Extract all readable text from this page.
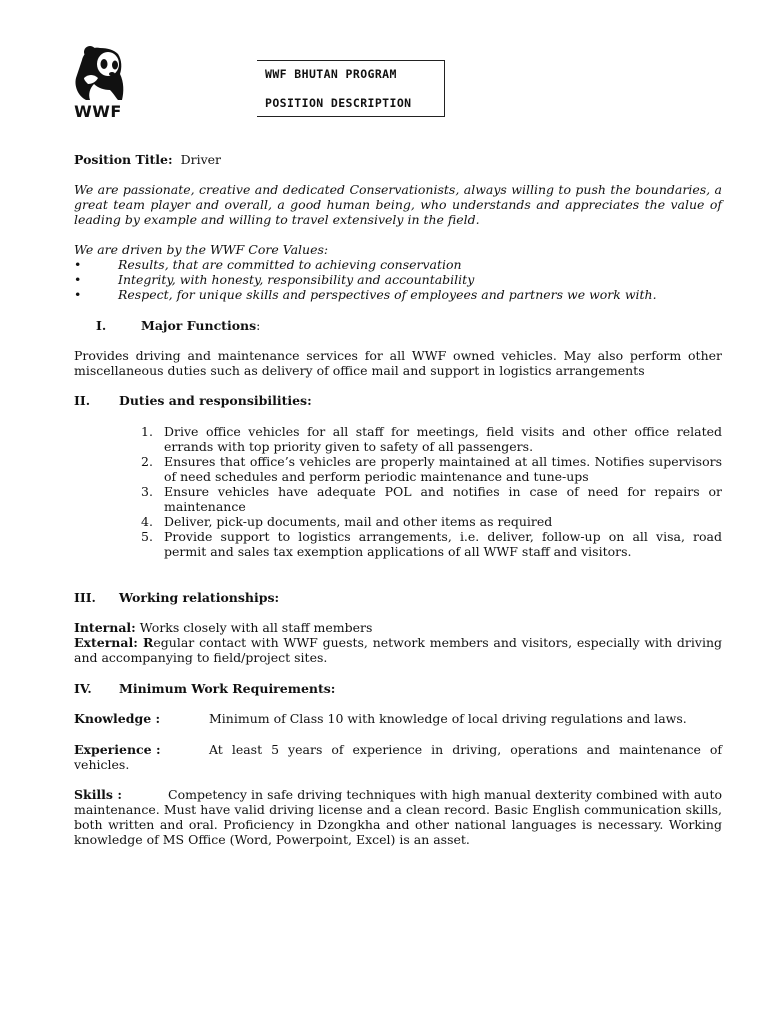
WWF
WWF BHUTAN PROGRAM
POSITION DESCRIPTION
Position Title: Driver

We are passionate, creative and dedicated Conservationists, always willing to push the boundaries, a great team player and overall, a good human being, who understands and appreciates the value of leading by example and willing to travel extensively in the field.

We are driven by the WWF Core Values:

•	Results, that are committed to achieving conservation
•	Integrity, with honesty, responsibility and accountability
•	Respect, for unique skills and perspectives of employees and partners we work with.
I.	Major Functions:

Provides driving and maintenance services for all WWF owned vehicles. May also perform other miscellaneous duties such as delivery of office mail and support in logistics arrangements

II. Duties and responsibilities:
1. Drive office vehicles for all staff for meetings, field visits and other office related errands with top priority given to safety of all passengers.
2. Ensures that office’s vehicles are properly maintained at all times. Notifies supervisors of need schedules and perform periodic maintenance and tune-ups
3. Ensure vehicles have adequate POL and notifies in case of need for repairs or maintenance
4. Deliver, pick-up documents, mail and other items as required
5. Provide support to logistics arrangements, i.e. deliver, follow-up on all visa, road permit and sales tax exemption applications of all WWF staff and visitors.
III. Working relationships:

Internal: Works closely with all staff members

External: Regular contact with WWF guests, network members and visitors, especially with driving and accompanying to field/project sites.

IV. Minimum Work Requirements:

Knowledge :	Minimum of Class 10 with knowledge of local driving regulations and laws.

Experience :	At least 5 years of experience in driving, operations and maintenance of vehicles.

Skills :	Competency in safe driving techniques with high manual dexterity combined with auto maintenance. Must have valid driving license and a clean record. Basic English communication skills, both written and oral. Proficiency in Dzongkha and other national languages is necessary. Working knowledge of MS Office (Word, Powerpoint, Excel) is an asset.
